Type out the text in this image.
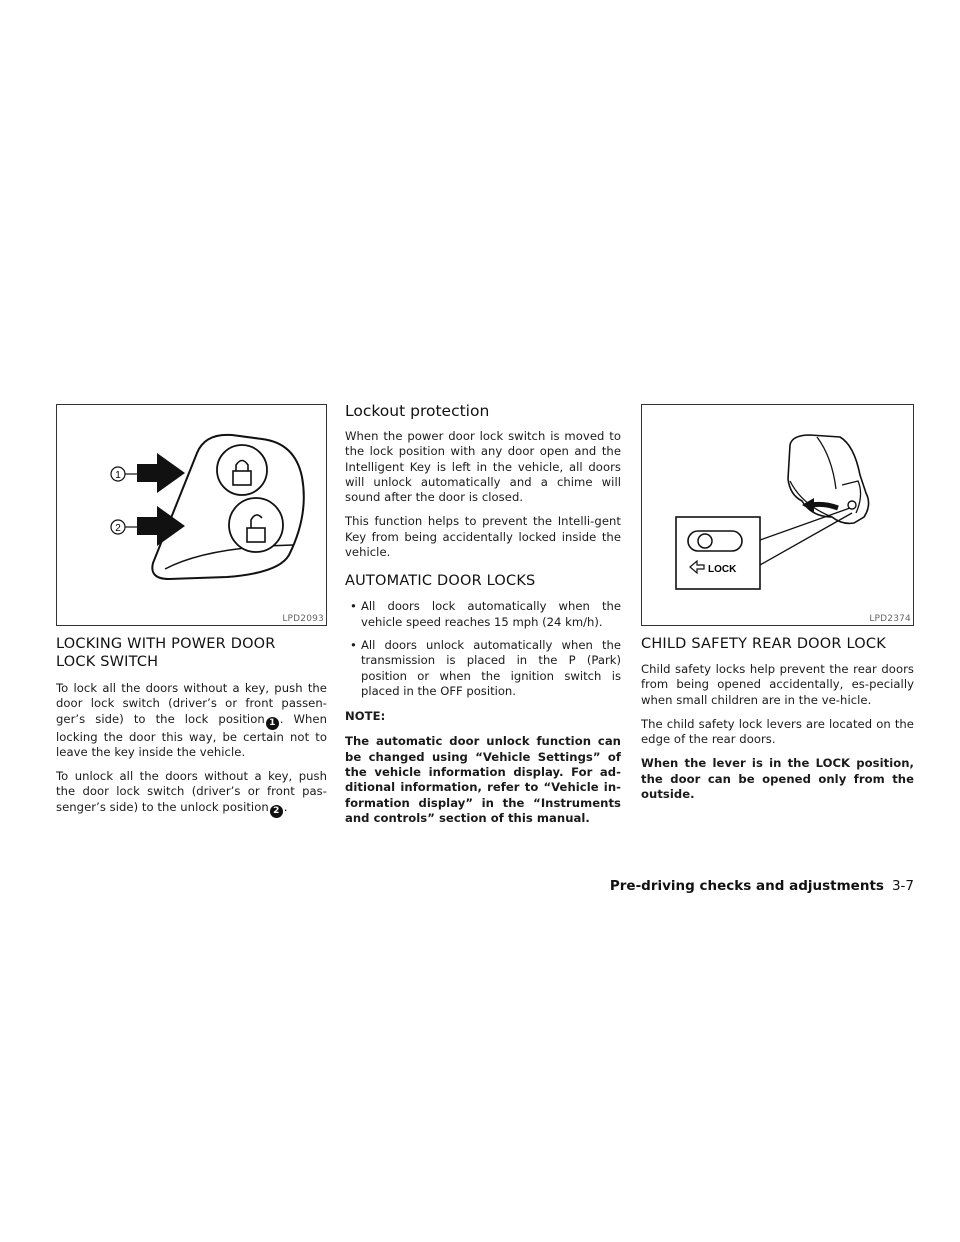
1
2
LPD2093
LOCKING WITH POWER DOOR
LOCK SWITCH

To lock all the doors without a key, push the door lock switch (driver’s or front passen-ger’s side) to the lock position 1 . When locking the door this way, be certain not to leave the key inside the vehicle.

To unlock all the doors without a key, push the door lock switch (driver’s or front pas-senger’s side) to the unlock position 2 .

Lockout protection

When the power door lock switch is moved to the lock position with any door open and the Intelligent Key is left in the vehicle, all doors will unlock automatically and a chime will sound after the door is closed.

This function helps to prevent the Intelli-gent Key from being accidentally locked inside the vehicle.

AUTOMATIC DOOR LOCKS
• All doors lock automatically when the vehicle speed reaches 15 mph (24 km/h).
• All doors unlock automatically when the transmission is placed in the P (Park) position or when the ignition switch is placed in the OFF position.

NOTE:

The automatic door unlock function can be changed using “Vehicle Settings” of the vehicle information display. For ad-ditional information, refer to “Vehicle in-formation display” in the “Instruments and controls” section of this manual.

LOCK
LPD2374
CHILD SAFETY REAR DOOR LOCK

Child safety locks help prevent the rear doors from being opened accidentally, es-pecially when small children are in the ve-hicle.

The child safety lock levers are located on the edge of the rear doors.

When the lever is in the LOCK position, the door can be opened only from the outside.

Pre-driving checks and adjustments 3-7
